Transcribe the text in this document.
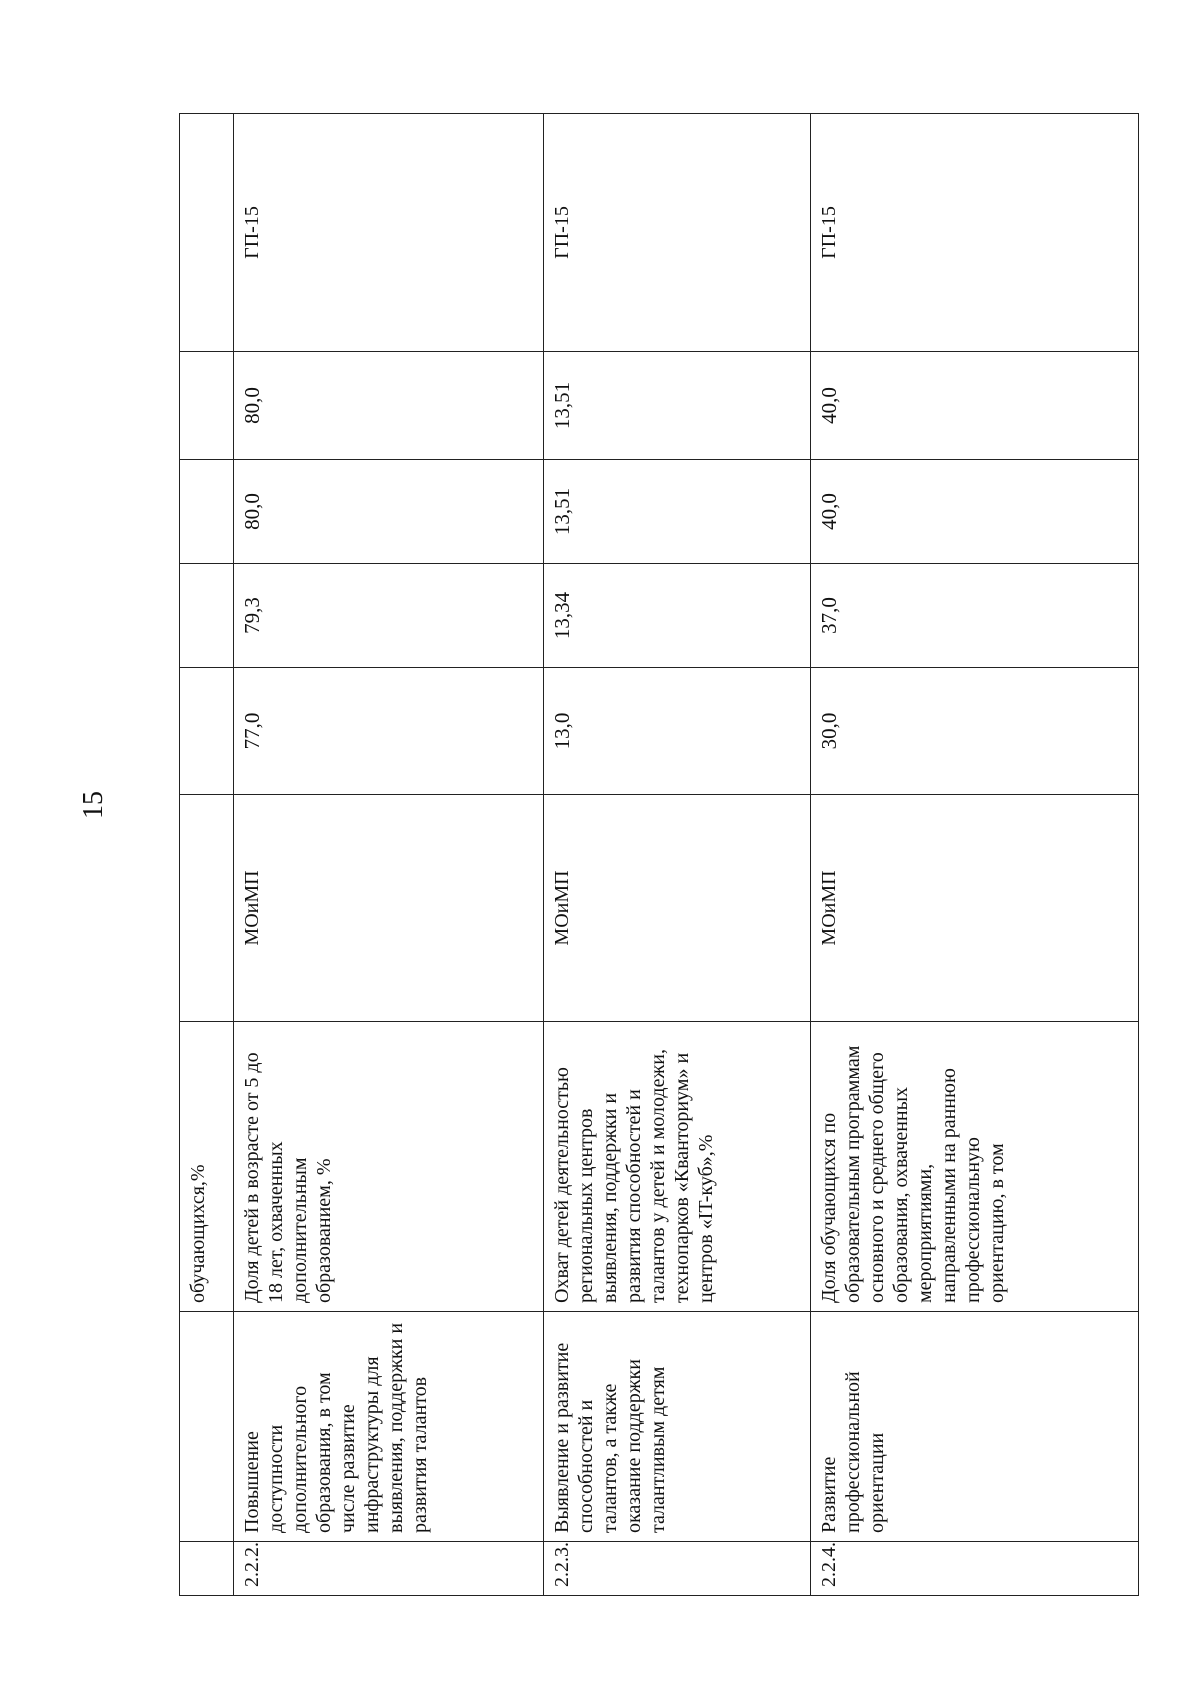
15
		обучающихся,%						
2.2.2.	Повышение доступности дополнительного образования, в том числе развитие инфраструктуры для выявления, поддержки и развития талантов	Доля детей в возрасте от 5 до 18 лет, охваченных дополнительным образованием, %	МОиМП	77,0	79,3	80,0	80,0	ГП-15
2.2.3.	Выявление и развитие способностей и талантов, а также оказание поддержки талантливым детям	Охват детей деятельностью региональных центров выявления, поддержки и развития способностей и талантов у детей и молодежи, технопарков «Кванториум» и центров «IT-куб»,%	МОиМП	13,0	13,34	13,51	13,51	ГП-15
2.2.4.	Развитие профессиональной ориентации	Доля обучающихся по образовательным программам основного и среднего общего образования, охваченных мероприятиями, направленными на раннюю профессиональную ориентацию, в том	МОиМП	30,0	37,0	40,0	40,0	ГП-15
